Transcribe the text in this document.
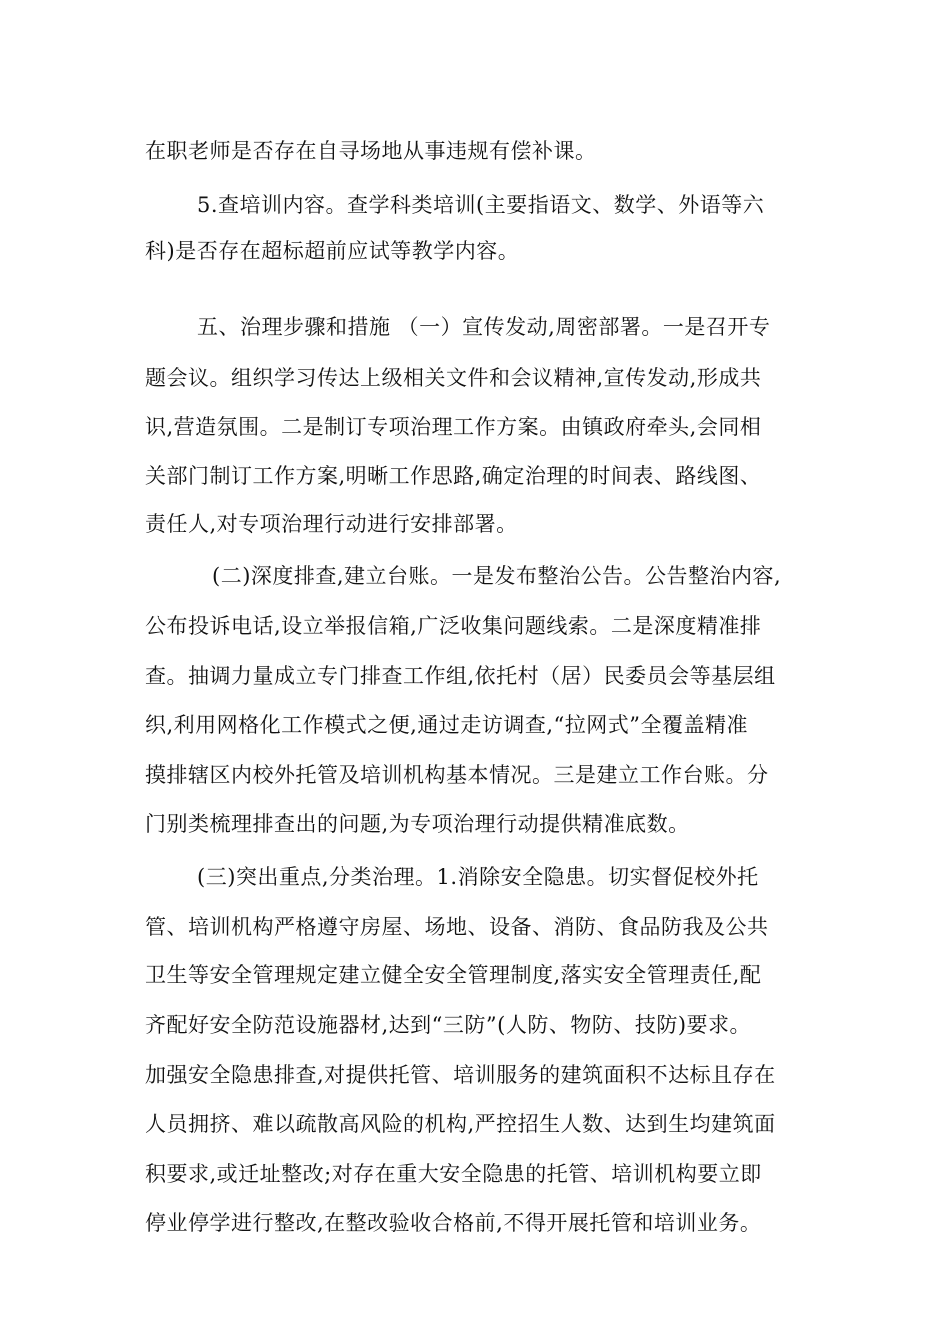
在职老师是否存在自寻场地从事违规有偿补课。
5.查培训内容。查学科类培训(主要指语文、数学、外语等六
科)是否存在超标超前应试等教学内容。
五、治理步骤和措施 （一）宣传发动,周密部署。一是召开专
题会议。组织学习传达上级相关文件和会议精神,宣传发动,形成共
识,营造氛围。二是制订专项治理工作方案。由镇政府牵头,会同相
关部门制订工作方案,明晰工作思路,确定治理的时间表、路线图、
责任人,对专项治理行动进行安排部署。
(二)深度排查,建立台账。一是发布整治公告。公告整治内容,
公布投诉电话,设立举报信箱,广泛收集问题线索。二是深度精准排
查。抽调力量成立专门排查工作组,依托村（居）民委员会等基层组
织,利用网格化工作模式之便,通过走访调查,“拉网式”全覆盖精准
摸排辖区内校外托管及培训机构基本情况。三是建立工作台账。分
门别类梳理排查出的问题,为专项治理行动提供精准底数。
(三)突出重点,分类治理。1.消除安全隐患。切实督促校外托
管、培训机构严格遵守房屋、场地、设备、消防、食品防我及公共
卫生等安全管理规定建立健全安全管理制度,落实安全管理责任,配
齐配好安全防范设施器材,达到“三防”(人防、物防、技防)要求。
加强安全隐患排查,对提供托管、培训服务的建筑面积不达标且存在
人员拥挤、难以疏散高风险的机构,严控招生人数、达到生均建筑面
积要求,或迁址整改;对存在重大安全隐患的托管、培训机构要立即
停业停学进行整改,在整改验收合格前,不得开展托管和培训业务。
